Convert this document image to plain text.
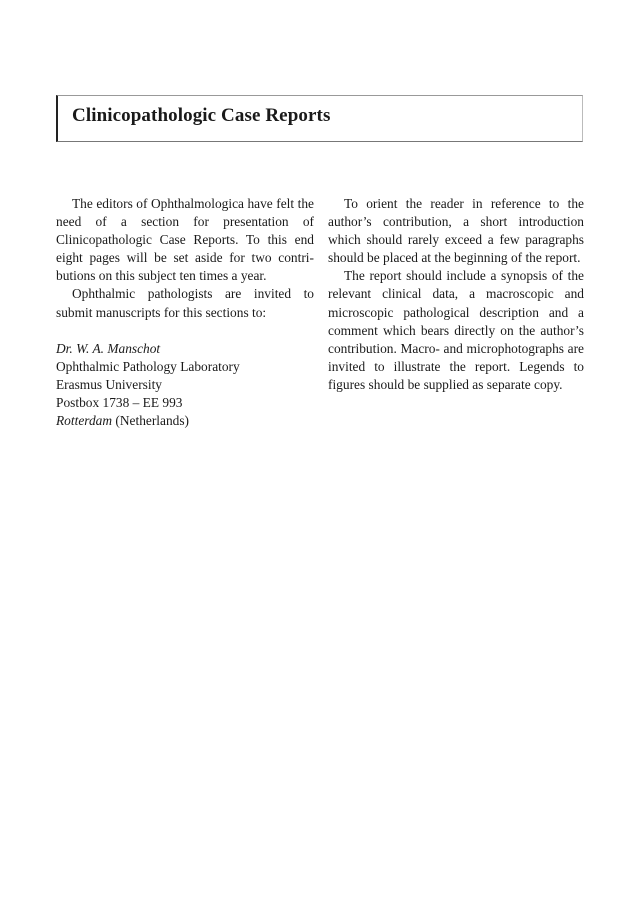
Clinicopathologic Case Reports

The editors of Ophthalmologica have felt the need of a section for presentation of Clinicopathologic Case Reports. To this end eight pages will be set aside for two contributions on this subject ten times a year.

Ophthalmic pathologists are invited to submit manuscripts for this sections to:

Dr. W. A. Manschot
Ophthalmic Pathology Laboratory
Erasmus University
Postbox 1738 – EE 993
Rotterdam (Netherlands)

To orient the reader in reference to the author’s contribution, a short introduction which should rarely exceed a few paragraphs should be placed at the beginning of the report.

The report should include a synopsis of the relevant clinical data, a macroscopic and microscopic pathological description and a comment which bears directly on the author’s contribution. Macro- and microphotographs are invited to illustrate the report. Legends to figures should be supplied as separate copy.
